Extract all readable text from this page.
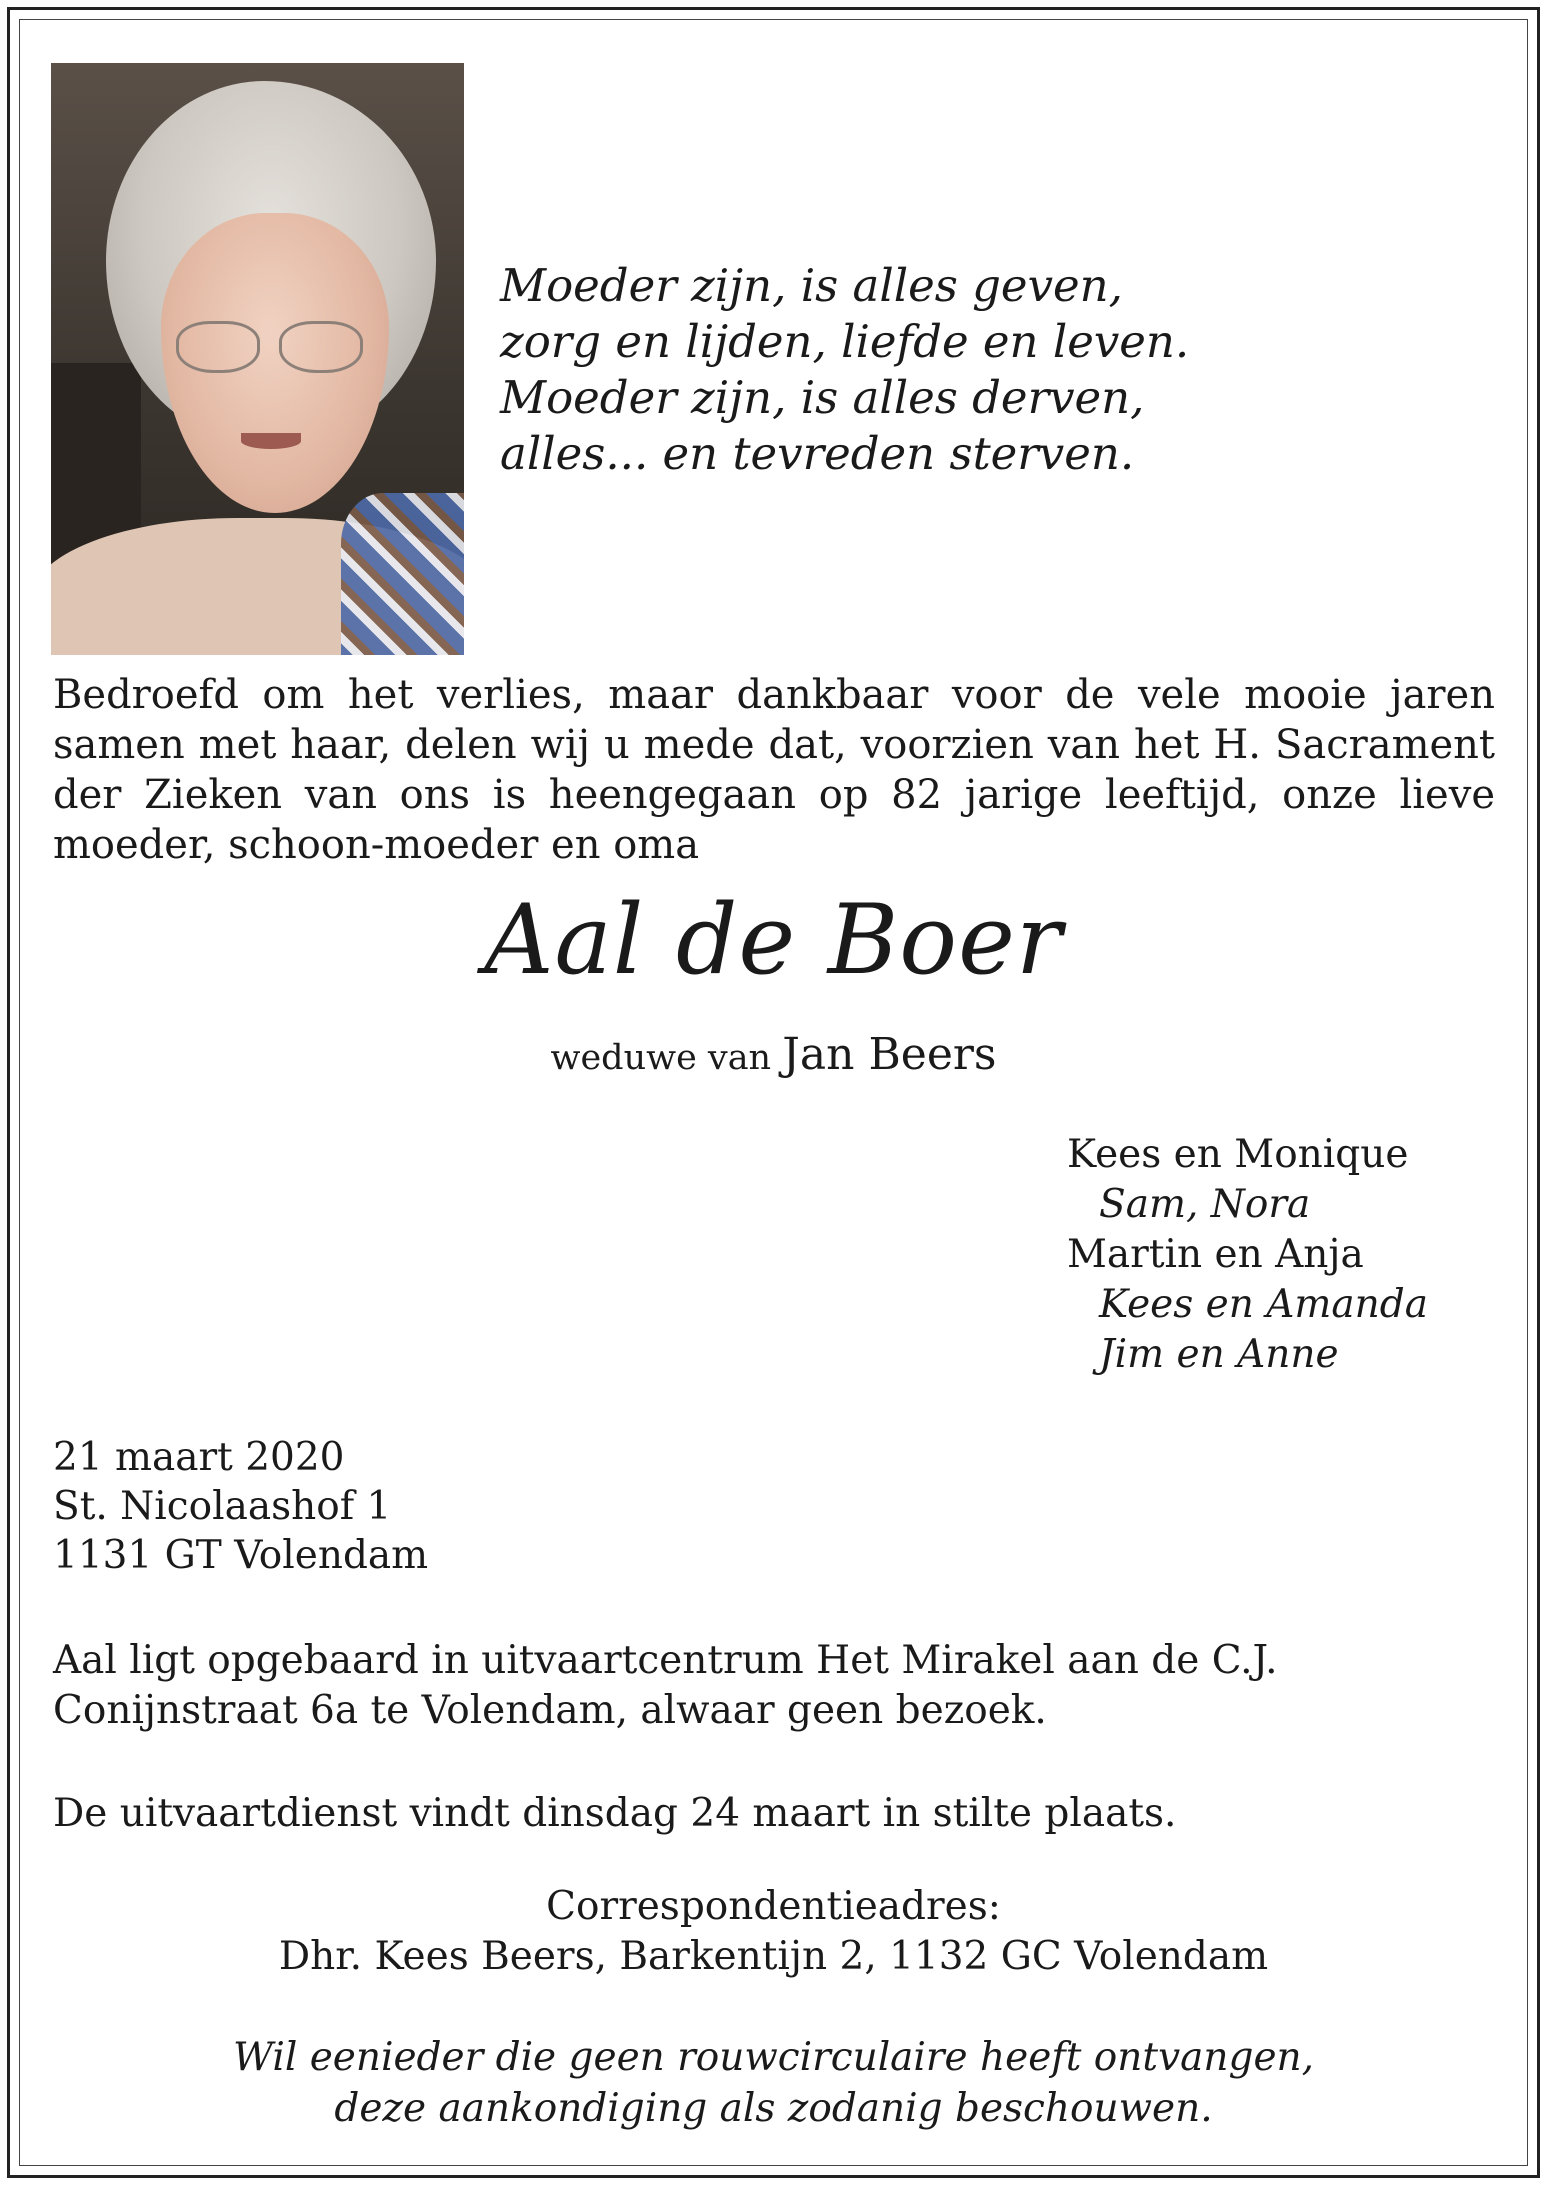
Moeder zijn, is alles geven,
zorg en lijden, liefde en leven.
Moeder zijn, is alles derven,
alles... en tevreden sterven.

Bedroefd om het verlies, maar dankbaar voor de vele mooie jaren samen met haar, delen wij u mede dat, voorzien van het H. Sacrament der Zieken van ons is heengegaan op 82 jarige leeftijd, onze lieve moeder, schoon-moeder en oma

Aal de Boer
weduwe van Jan Beers
Kees en Monique
Sam, Nora
Martin en Anja
Kees en Amanda
Jim en Anne
21 maart 2020
St. Nicolaashof 1
1131 GT Volendam

Aal ligt opgebaard in uitvaartcentrum Het Mirakel aan de C.J. Conijnstraat 6a te Volendam, alwaar geen bezoek.

De uitvaartdienst vindt dinsdag 24 maart in stilte plaats.

Correspondentieadres:
Dhr. Kees Beers, Barkentijn 2, 1132 GC Volendam
Wil eenieder die geen rouwcirculaire heeft ontvangen,
deze aankondiging als zodanig beschouwen.
